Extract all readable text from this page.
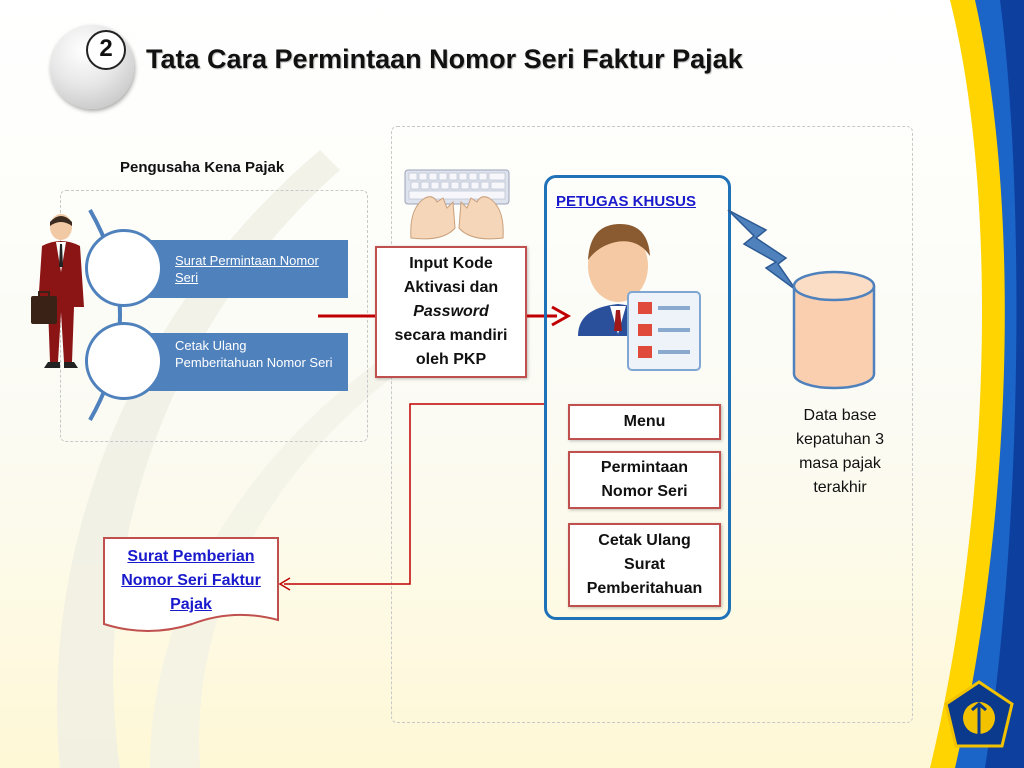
2	Tata Cara Permintaan Nomor Seri Faktur Pajak
Pengusaha Kena Pajak
Surat Permintaan Nomor Seri
Cetak Ulang Pemberitahuan Nomor Seri
Input Kode
Aktivasi dan
Password
secara mandiri
oleh PKP
PETUGAS KHUSUS
Menu
Permintaan Nomor Seri
Cetak Ulang Surat Pemberitahuan
Data base kepatuhan 3 masa pajak terakhir
Surat Pemberian Nomor Seri Faktur Pajak
